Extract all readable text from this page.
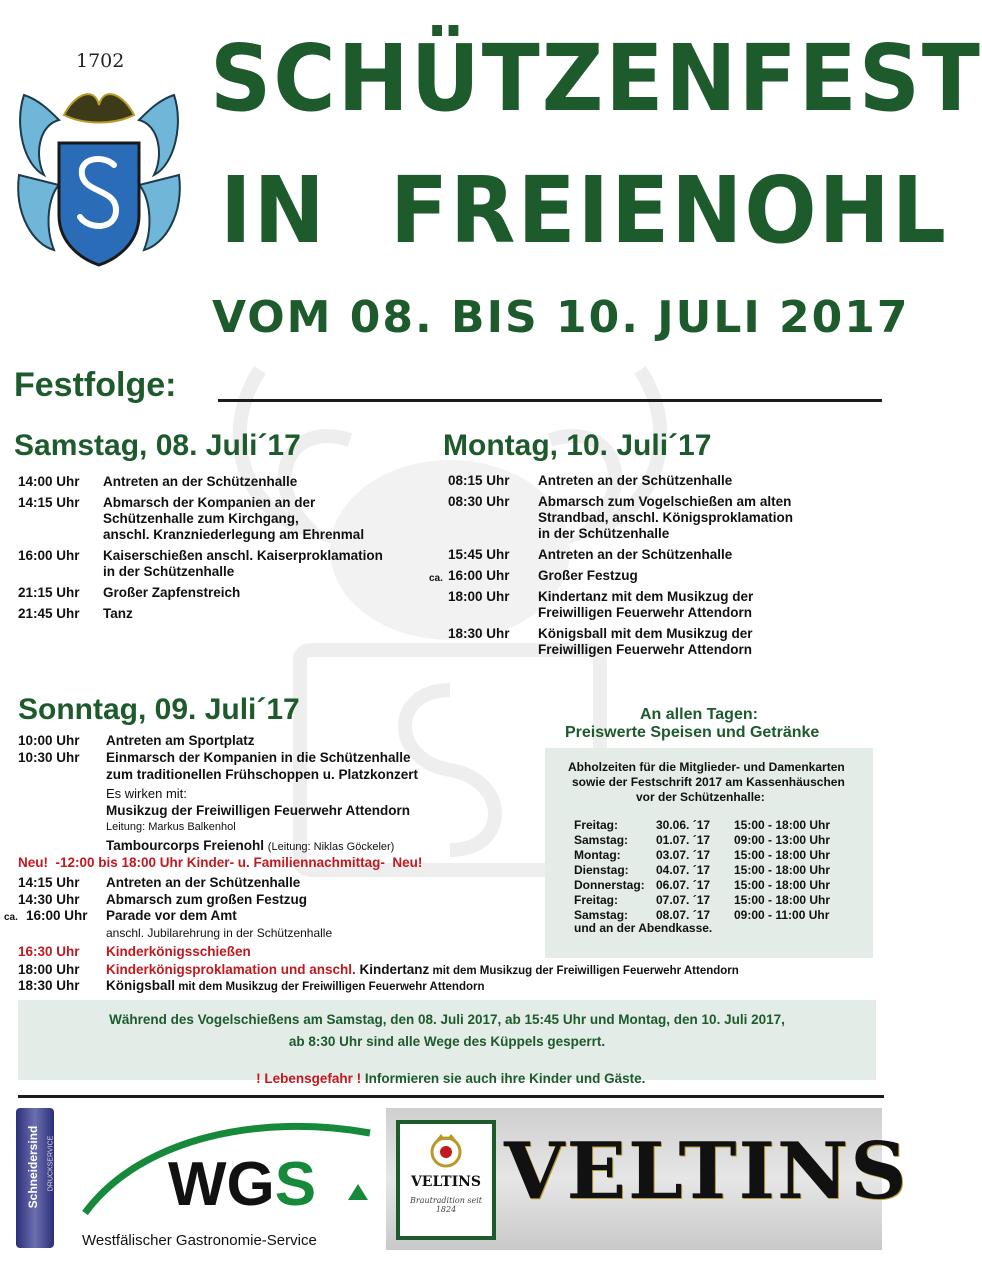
1702 SCHÜTZENFEST
IN  FREIENOHL
VOM 08. BIS 10. JULI 2017
Festfolge:
Samstag, 08. Juli´17
14:00 Uhr Antreten an der Schützenhalle
14:15 Uhr Abmarsch der Kompanien an der
Schützenhalle zum Kirchgang,
anschl. Kranzniederlegung am Ehrenmal
16:00 Uhr Kaiserschießen anschl. Kaiserproklamation
in der Schützenhalle
21:15 Uhr Großer Zapfenstreich
21:45 Uhr Tanz
Montag, 10. Juli´17
08:15 Uhr Antreten an der Schützenhalle
08:30 Uhr Abmarsch zum Vogelschießen am alten
Strandbad, anschl. Königsproklamation
in der Schützenhalle
15:45 Uhr Antreten an der Schützenhalle
ca. 16:00 Uhr Großer Festzug
18:00 Uhr Kindertanz mit dem Musikzug der
Freiwilligen Feuerwehr Attendorn
18:30 Uhr Königsball mit dem Musikzug der
Freiwilligen Feuerwehr Attendorn
Sonntag, 09. Juli´17
10:00 Uhr Antreten am Sportplatz
10:30 Uhr Einmarsch der Kompanien in die Schützenhalle
zum traditionellen Frühschoppen u. Platzkonzert
Es wirken mit:
Musikzug der Freiwilligen Feuerwehr Attendorn
Leitung: Markus Balkenhol
Tambourcorps Freienohl (Leitung: Niklas Göckeler)
Neu!  -12:00 bis 18:00 Uhr Kinder- u. Familiennachmittag-  Neu!
14:15 Uhr Antreten an der Schützenhalle
14:30 Uhr Abmarsch zum großen Festzug
ca. 16:00 Uhr Parade vor dem Amt
anschl. Jubilarehrung in der Schützenhalle
16:30 Uhr Kinderkönigsschießen
18:00 Uhr Kinderkönigsproklamation und anschl. Kindertanz mit dem Musikzug der Freiwilligen Feuerwehr Attendorn
18:30 Uhr Königsball mit dem Musikzug der Freiwilligen Feuerwehr Attendorn
An allen Tagen:
Preiswerte Speisen und Getränke
Abholzeiten für die Mitglieder- und Damenkarten
sowie der Festschrift 2017 am Kassenhäuschen
vor der Schützenhalle:
Freitag:	30.06. ´17 15:00 - 18:00 Uhr
Samstag: 01.07. ´17 09:00 - 13:00 Uhr
Montag:	03.07. ´17 15:00 - 18:00 Uhr
Dienstag: 04.07. ´17 15:00 - 18:00 Uhr
Donnerstag: 06.07. ´17 15:00 - 18:00 Uhr
Freitag:	07.07. ´17 15:00 - 18:00 Uhr
Samstag: 08.07. ´17 09:00 - 11:00 Uhr
und an der Abendkasse.
Während des Vogelschießens am Samstag, den 08. Juli 2017, ab 15:45 Uhr und Montag, den 10. Juli 2017,
ab 8:30 Uhr sind alle Wege des Küppels gesperrt.

! Lebensgefahr ! Informieren sie auch ihre Kinder und Gäste.

Schneidersind DRUCKSERVICE WGS
Westfälischer Gastronomie-Service
VELTINS
Brautradition seit 1824 VELTINS
